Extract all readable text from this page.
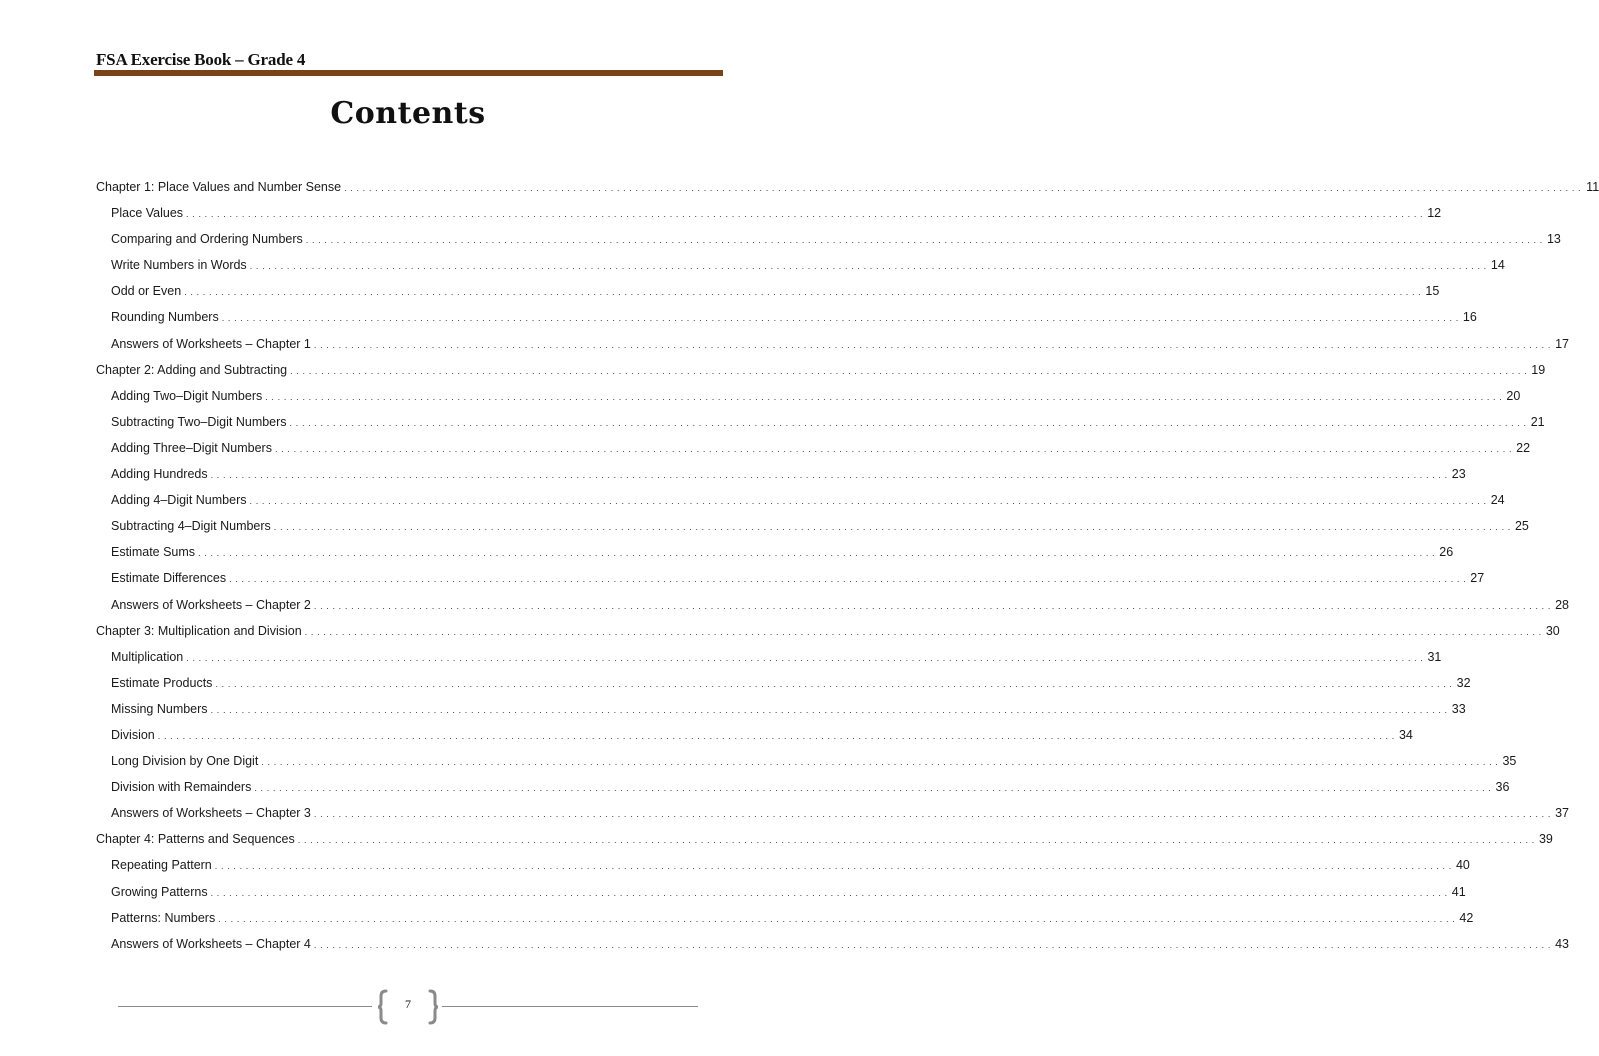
FSA Exercise Book – Grade 4
Contents
Chapter 1: Place Values and Number Sense . . . . . . . . . . . . . . . . . . . . . . . . . . . . . . . . . . . . . . . . . . . . . . . . . . . . . . . . . . . . . . . . . . . . . . . . . . . . . . . . . . . . . . . . . . . . . . . . . . . . . . . . . . . . . . . . . . . . . . . . . . . . . . . . . . . . . . . . . . . . . . . . . . . . . . . . . . . . . . . . . . . . . . . . . . . . . . . . . . . . . . . . . . . . . . . . . . . . . . . . 11
Place Values . . . . . . . . . . . . . . . . . . . . . . . . . . . . . . . . . . . . . . . . . . . . . . . . . . . . . . . . . . . . . . . . . . . . . . . . . . . . . . . . . . . . . . . . . . . . . . . . . . . . . . . . . . . . . . . . . . . . . . . . . . . . . . . . . . . . . . . . . . . . . . . . . . . . . . . . . . . . . . . . . . . . . . . . . . . . . . . . . . . . . . . . . . . . . . . . . . . . . . . . 12
Comparing and Ordering Numbers . . . . . . . . . . . . . . . . . . . . . . . . . . . . . . . . . . . . . . . . . . . . . . . . . . . . . . . . . . . . . . . . . . . . . . . . . . . . . . . . . . . . . . . . . . . . . . . . . . . . . . . . . . . . . . . . . . . . . . . . . . . . . . . . . . . . . . . . . . . . . . . . . . . . . . . . . . . . . . . . . . . . . . . . . . . . . . . . . . . . . . . . . . . . . . . . . . . . . . . . 13
Write Numbers in Words . . . . . . . . . . . . . . . . . . . . . . . . . . . . . . . . . . . . . . . . . . . . . . . . . . . . . . . . . . . . . . . . . . . . . . . . . . . . . . . . . . . . . . . . . . . . . . . . . . . . . . . . . . . . . . . . . . . . . . . . . . . . . . . . . . . . . . . . . . . . . . . . . . . . . . . . . . . . . . . . . . . . . . . . . . . . . . . . . . . . . . . . . . . . . . . . . . . . . . . . 14
Odd or Even . . . . . . . . . . . . . . . . . . . . . . . . . . . . . . . . . . . . . . . . . . . . . . . . . . . . . . . . . . . . . . . . . . . . . . . . . . . . . . . . . . . . . . . . . . . . . . . . . . . . . . . . . . . . . . . . . . . . . . . . . . . . . . . . . . . . . . . . . . . . . . . . . . . . . . . . . . . . . . . . . . . . . . . . . . . . . . . . . . . . . . . . . . . . . . . . . . . . . . . . 15
Rounding Numbers . . . . . . . . . . . . . . . . . . . . . . . . . . . . . . . . . . . . . . . . . . . . . . . . . . . . . . . . . . . . . . . . . . . . . . . . . . . . . . . . . . . . . . . . . . . . . . . . . . . . . . . . . . . . . . . . . . . . . . . . . . . . . . . . . . . . . . . . . . . . . . . . . . . . . . . . . . . . . . . . . . . . . . . . . . . . . . . . . . . . . . . . . . . . . . . . . . . . . . . . 16
Answers of Worksheets – Chapter 1 . . . . . . . . . . . . . . . . . . . . . . . . . . . . . . . . . . . . . . . . . . . . . . . . . . . . . . . . . . . . . . . . . . . . . . . . . . . . . . . . . . . . . . . . . . . . . . . . . . . . . . . . . . . . . . . . . . . . . . . . . . . . . . . . . . . . . . . . . . . . . . . . . . . . . . . . . . . . . . . . . . . . . . . . . . . . . . . . . . . . . . . . . . . . . . . . . . . . . . . . 17
Chapter 2: Adding and Subtracting . . . . . . . . . . . . . . . . . . . . . . . . . . . . . . . . . . . . . . . . . . . . . . . . . . . . . . . . . . . . . . . . . . . . . . . . . . . . . . . . . . . . . . . . . . . . . . . . . . . . . . . . . . . . . . . . . . . . . . . . . . . . . . . . . . . . . . . . . . . . . . . . . . . . . . . . . . . . . . . . . . . . . . . . . . . . . . . . . . . . . . . . . . . . . . . . . . . . . . . . 19
Adding Two–Digit Numbers . . . . . . . . . . . . . . . . . . . . . . . . . . . . . . . . . . . . . . . . . . . . . . . . . . . . . . . . . . . . . . . . . . . . . . . . . . . . . . . . . . . . . . . . . . . . . . . . . . . . . . . . . . . . . . . . . . . . . . . . . . . . . . . . . . . . . . . . . . . . . . . . . . . . . . . . . . . . . . . . . . . . . . . . . . . . . . . . . . . . . . . . . . . . . . . . . . . . . . . . 20
Subtracting Two–Digit Numbers . . . . . . . . . . . . . . . . . . . . . . . . . . . . . . . . . . . . . . . . . . . . . . . . . . . . . . . . . . . . . . . . . . . . . . . . . . . . . . . . . . . . . . . . . . . . . . . . . . . . . . . . . . . . . . . . . . . . . . . . . . . . . . . . . . . . . . . . . . . . . . . . . . . . . . . . . . . . . . . . . . . . . . . . . . . . . . . . . . . . . . . . . . . . . . . . . . . . . . . . 21
Adding Three–Digit Numbers . . . . . . . . . . . . . . . . . . . . . . . . . . . . . . . . . . . . . . . . . . . . . . . . . . . . . . . . . . . . . . . . . . . . . . . . . . . . . . . . . . . . . . . . . . . . . . . . . . . . . . . . . . . . . . . . . . . . . . . . . . . . . . . . . . . . . . . . . . . . . . . . . . . . . . . . . . . . . . . . . . . . . . . . . . . . . . . . . . . . . . . . . . . . . . . . . . . . . . . . 22
Adding Hundreds . . . . . . . . . . . . . . . . . . . . . . . . . . . . . . . . . . . . . . . . . . . . . . . . . . . . . . . . . . . . . . . . . . . . . . . . . . . . . . . . . . . . . . . . . . . . . . . . . . . . . . . . . . . . . . . . . . . . . . . . . . . . . . . . . . . . . . . . . . . . . . . . . . . . . . . . . . . . . . . . . . . . . . . . . . . . . . . . . . . . . . . . . . . . . . . . . . . . . . . . 23
Adding 4–Digit Numbers . . . . . . . . . . . . . . . . . . . . . . . . . . . . . . . . . . . . . . . . . . . . . . . . . . . . . . . . . . . . . . . . . . . . . . . . . . . . . . . . . . . . . . . . . . . . . . . . . . . . . . . . . . . . . . . . . . . . . . . . . . . . . . . . . . . . . . . . . . . . . . . . . . . . . . . . . . . . . . . . . . . . . . . . . . . . . . . . . . . . . . . . . . . . . . . . . . . . . . . . 24
Subtracting 4–Digit Numbers . . . . . . . . . . . . . . . . . . . . . . . . . . . . . . . . . . . . . . . . . . . . . . . . . . . . . . . . . . . . . . . . . . . . . . . . . . . . . . . . . . . . . . . . . . . . . . . . . . . . . . . . . . . . . . . . . . . . . . . . . . . . . . . . . . . . . . . . . . . . . . . . . . . . . . . . . . . . . . . . . . . . . . . . . . . . . . . . . . . . . . . . . . . . . . . . . . . . . . . . 25
Estimate Sums . . . . . . . . . . . . . . . . . . . . . . . . . . . . . . . . . . . . . . . . . . . . . . . . . . . . . . . . . . . . . . . . . . . . . . . . . . . . . . . . . . . . . . . . . . . . . . . . . . . . . . . . . . . . . . . . . . . . . . . . . . . . . . . . . . . . . . . . . . . . . . . . . . . . . . . . . . . . . . . . . . . . . . . . . . . . . . . . . . . . . . . . . . . . . . . . . . . . . . . . 26
Estimate Differences . . . . . . . . . . . . . . . . . . . . . . . . . . . . . . . . . . . . . . . . . . . . . . . . . . . . . . . . . . . . . . . . . . . . . . . . . . . . . . . . . . . . . . . . . . . . . . . . . . . . . . . . . . . . . . . . . . . . . . . . . . . . . . . . . . . . . . . . . . . . . . . . . . . . . . . . . . . . . . . . . . . . . . . . . . . . . . . . . . . . . . . . . . . . . . . . . . . . . . . . 27
Answers of Worksheets – Chapter 2 . . . . . . . . . . . . . . . . . . . . . . . . . . . . . . . . . . . . . . . . . . . . . . . . . . . . . . . . . . . . . . . . . . . . . . . . . . . . . . . . . . . . . . . . . . . . . . . . . . . . . . . . . . . . . . . . . . . . . . . . . . . . . . . . . . . . . . . . . . . . . . . . . . . . . . . . . . . . . . . . . . . . . . . . . . . . . . . . . . . . . . . . . . . . . . . . . . . . . . . . 28
Chapter 3: Multiplication and Division . . . . . . . . . . . . . . . . . . . . . . . . . . . . . . . . . . . . . . . . . . . . . . . . . . . . . . . . . . . . . . . . . . . . . . . . . . . . . . . . . . . . . . . . . . . . . . . . . . . . . . . . . . . . . . . . . . . . . . . . . . . . . . . . . . . . . . . . . . . . . . . . . . . . . . . . . . . . . . . . . . . . . . . . . . . . . . . . . . . . . . . . . . . . . . . . . . . . . . . . 30
Multiplication . . . . . . . . . . . . . . . . . . . . . . . . . . . . . . . . . . . . . . . . . . . . . . . . . . . . . . . . . . . . . . . . . . . . . . . . . . . . . . . . . . . . . . . . . . . . . . . . . . . . . . . . . . . . . . . . . . . . . . . . . . . . . . . . . . . . . . . . . . . . . . . . . . . . . . . . . . . . . . . . . . . . . . . . . . . . . . . . . . . . . . . . . . . . . . . . . . . . . . . . 31
Estimate Products . . . . . . . . . . . . . . . . . . . . . . . . . . . . . . . . . . . . . . . . . . . . . . . . . . . . . . . . . . . . . . . . . . . . . . . . . . . . . . . . . . . . . . . . . . . . . . . . . . . . . . . . . . . . . . . . . . . . . . . . . . . . . . . . . . . . . . . . . . . . . . . . . . . . . . . . . . . . . . . . . . . . . . . . . . . . . . . . . . . . . . . . . . . . . . . . . . . . . . . . 32
Missing Numbers . . . . . . . . . . . . . . . . . . . . . . . . . . . . . . . . . . . . . . . . . . . . . . . . . . . . . . . . . . . . . . . . . . . . . . . . . . . . . . . . . . . . . . . . . . . . . . . . . . . . . . . . . . . . . . . . . . . . . . . . . . . . . . . . . . . . . . . . . . . . . . . . . . . . . . . . . . . . . . . . . . . . . . . . . . . . . . . . . . . . . . . . . . . . . . . . . . . . . . . . 33
Division . . . . . . . . . . . . . . . . . . . . . . . . . . . . . . . . . . . . . . . . . . . . . . . . . . . . . . . . . . . . . . . . . . . . . . . . . . . . . . . . . . . . . . . . . . . . . . . . . . . . . . . . . . . . . . . . . . . . . . . . . . . . . . . . . . . . . . . . . . . . . . . . . . . . . . . . . . . . . . . . . . . . . . . . . . . . . . . . . . . . . . . . . . . . . . . . . . . . . . . . 34
Long Division by One Digit . . . . . . . . . . . . . . . . . . . . . . . . . . . . . . . . . . . . . . . . . . . . . . . . . . . . . . . . . . . . . . . . . . . . . . . . . . . . . . . . . . . . . . . . . . . . . . . . . . . . . . . . . . . . . . . . . . . . . . . . . . . . . . . . . . . . . . . . . . . . . . . . . . . . . . . . . . . . . . . . . . . . . . . . . . . . . . . . . . . . . . . . . . . . . . . . . . . . . . . . 35
Division with Remainders . . . . . . . . . . . . . . . . . . . . . . . . . . . . . . . . . . . . . . . . . . . . . . . . . . . . . . . . . . . . . . . . . . . . . . . . . . . . . . . . . . . . . . . . . . . . . . . . . . . . . . . . . . . . . . . . . . . . . . . . . . . . . . . . . . . . . . . . . . . . . . . . . . . . . . . . . . . . . . . . . . . . . . . . . . . . . . . . . . . . . . . . . . . . . . . . . . . . . . . . 36
Answers of Worksheets – Chapter 3 . . . . . . . . . . . . . . . . . . . . . . . . . . . . . . . . . . . . . . . . . . . . . . . . . . . . . . . . . . . . . . . . . . . . . . . . . . . . . . . . . . . . . . . . . . . . . . . . . . . . . . . . . . . . . . . . . . . . . . . . . . . . . . . . . . . . . . . . . . . . . . . . . . . . . . . . . . . . . . . . . . . . . . . . . . . . . . . . . . . . . . . . . . . . . . . . . . . . . . . . 37
Chapter 4: Patterns and Sequences . . . . . . . . . . . . . . . . . . . . . . . . . . . . . . . . . . . . . . . . . . . . . . . . . . . . . . . . . . . . . . . . . . . . . . . . . . . . . . . . . . . . . . . . . . . . . . . . . . . . . . . . . . . . . . . . . . . . . . . . . . . . . . . . . . . . . . . . . . . . . . . . . . . . . . . . . . . . . . . . . . . . . . . . . . . . . . . . . . . . . . . . . . . . . . . . . . . . . . . . 39
Repeating Pattern . . . . . . . . . . . . . . . . . . . . . . . . . . . . . . . . . . . . . . . . . . . . . . . . . . . . . . . . . . . . . . . . . . . . . . . . . . . . . . . . . . . . . . . . . . . . . . . . . . . . . . . . . . . . . . . . . . . . . . . . . . . . . . . . . . . . . . . . . . . . . . . . . . . . . . . . . . . . . . . . . . . . . . . . . . . . . . . . . . . . . . . . . . . . . . . . . . . . . . . . 40
Growing Patterns . . . . . . . . . . . . . . . . . . . . . . . . . . . . . . . . . . . . . . . . . . . . . . . . . . . . . . . . . . . . . . . . . . . . . . . . . . . . . . . . . . . . . . . . . . . . . . . . . . . . . . . . . . . . . . . . . . . . . . . . . . . . . . . . . . . . . . . . . . . . . . . . . . . . . . . . . . . . . . . . . . . . . . . . . . . . . . . . . . . . . . . . . . . . . . . . . . . . . . . . 41
Patterns: Numbers . . . . . . . . . . . . . . . . . . . . . . . . . . . . . . . . . . . . . . . . . . . . . . . . . . . . . . . . . . . . . . . . . . . . . . . . . . . . . . . . . . . . . . . . . . . . . . . . . . . . . . . . . . . . . . . . . . . . . . . . . . . . . . . . . . . . . . . . . . . . . . . . . . . . . . . . . . . . . . . . . . . . . . . . . . . . . . . . . . . . . . . . . . . . . . . . . . . . . . . . 42
Answers of Worksheets – Chapter 4 . . . . . . . . . . . . . . . . . . . . . . . . . . . . . . . . . . . . . . . . . . . . . . . . . . . . . . . . . . . . . . . . . . . . . . . . . . . . . . . . . . . . . . . . . . . . . . . . . . . . . . . . . . . . . . . . . . . . . . . . . . . . . . . . . . . . . . . . . . . . . . . . . . . . . . . . . . . . . . . . . . . . . . . . . . . . . . . . . . . . . . . . . . . . . . . . . . . . . . . . 43
7
